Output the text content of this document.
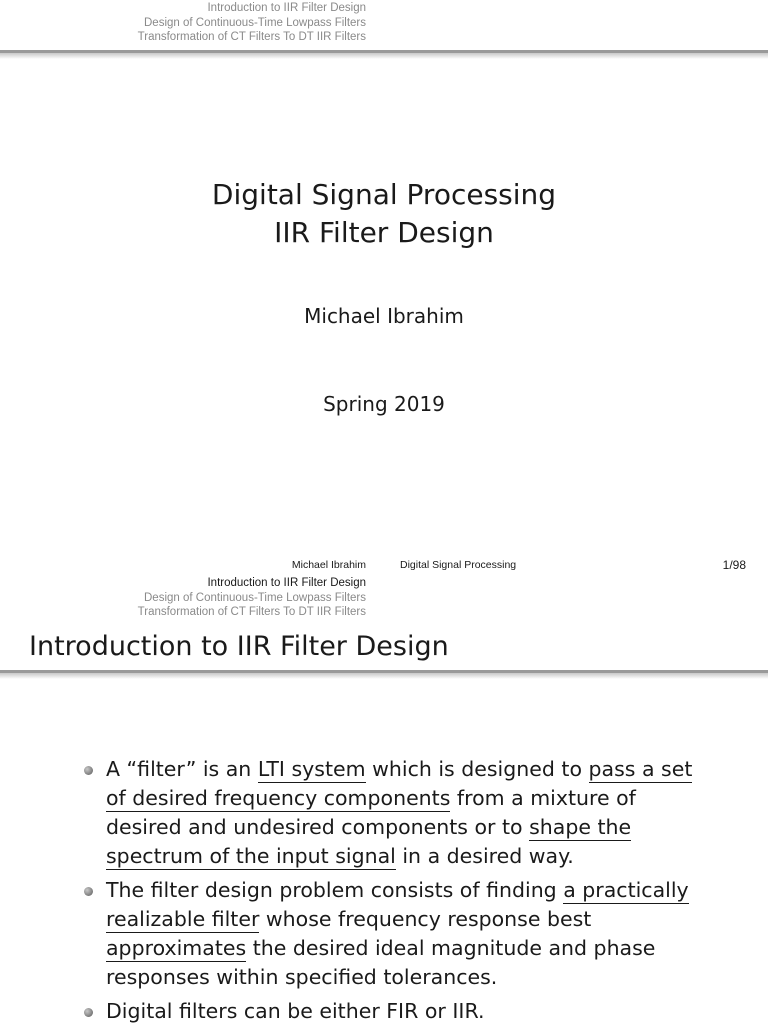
Introduction to IIR Filter Design
Design of Continuous-Time Lowpass Filters
Transformation of CT Filters To DT IIR Filters
Digital Signal Processing
IIR Filter Design
Michael Ibrahim
Spring 2019
Michael Ibrahim	Digital Signal Processing	1/98
Introduction to IIR Filter Design
Design of Continuous-Time Lowpass Filters
Transformation of CT Filters To DT IIR Filters
Introduction to IIR Filter Design
A “filter” is an LTI system which is designed to pass a set of desired frequency components from a mixture of desired and undesired components or to shape the spectrum of the input signal in a desired way.
The filter design problem consists of finding a practically realizable filter whose frequency response best approximates the desired ideal magnitude and phase responses within specified tolerances.
Digital filters can be either FIR or IIR.
